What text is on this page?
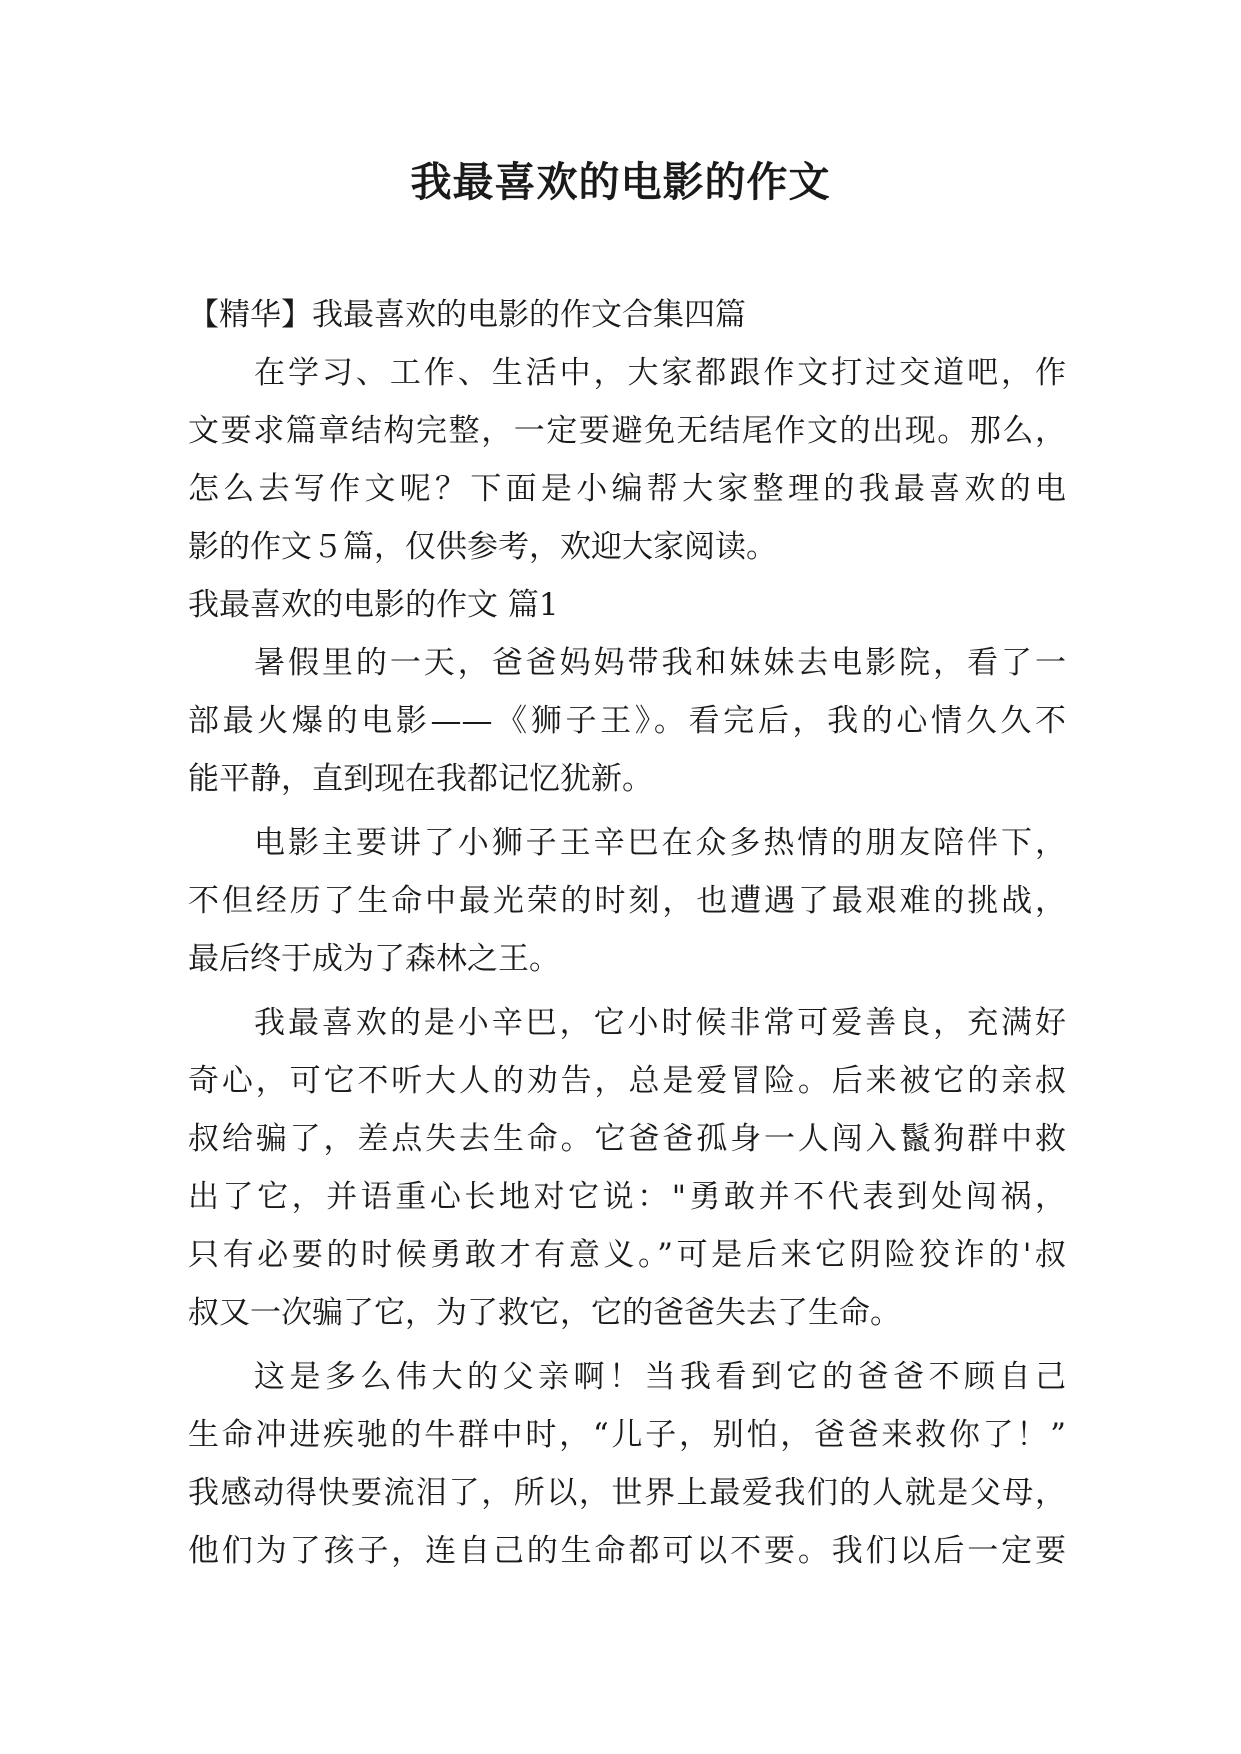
我最喜欢的电影的作文
【精华】我最喜欢的电影的作文合集四篇
在学习、工作、生活中，大家都跟作文打过交道吧，作
文要求篇章结构完整，一定要避免无结尾作文的出现。那么，
怎么去写作文呢？下面是小编帮大家整理的我最喜欢的电
影的作文５篇，仅供参考，欢迎大家阅读。
我最喜欢的电影的作文 篇1
暑假里的一天，爸爸妈妈带我和妹妹去电影院，看了一
部最火爆的电影——《狮子王》。看完后，我的心情久久不
能平静，直到现在我都记忆犹新。
电影主要讲了小狮子王辛巴在众多热情的朋友陪伴下，
不但经历了生命中最光荣的时刻，也遭遇了最艰难的挑战，
最后终于成为了森林之王。
我最喜欢的是小辛巴，它小时候非常可爱善良，充满好
奇心，可它不听大人的劝告，总是爱冒险。后来被它的亲叔
叔给骗了，差点失去生命。它爸爸孤身一人闯入鬣狗群中救
出了它，并语重心长地对它说："勇敢并不代表到处闯祸，
只有必要的时候勇敢才有意义。”可是后来它阴险狡诈的'叔
叔又一次骗了它，为了救它，它的爸爸失去了生命。
这是多么伟大的父亲啊！当我看到它的爸爸不顾自己
生命冲进疾驰的牛群中时，“儿子，别怕，爸爸来救你了！”
我感动得快要流泪了，所以，世界上最爱我们的人就是父母，
他们为了孩子，连自己的生命都可以不要。我们以后一定要
